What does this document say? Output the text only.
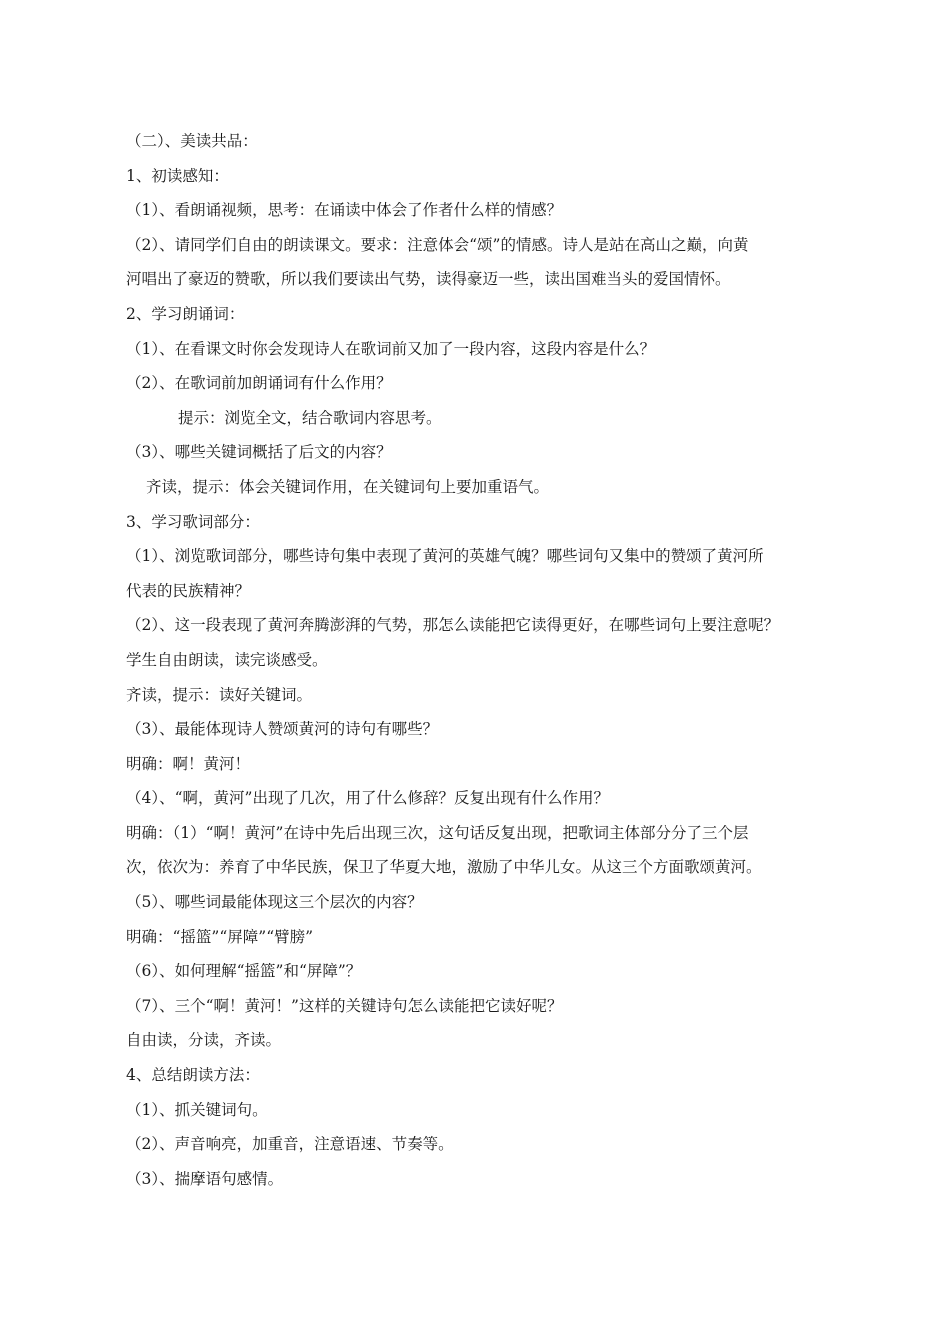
（二）、美读共品：
1、初读感知：
（1）、看朗诵视频，思考：在诵读中体会了作者什么样的情感？
（2）、请同学们自由的朗读课文。要求：注意体会“颂”的情感。诗人是站在高山之巅，向黄
河唱出了豪迈的赞歌，所以我们要读出气势，读得豪迈一些，读出国难当头的爱国情怀。
2、学习朗诵词：
（1）、在看课文时你会发现诗人在歌词前又加了一段内容，这段内容是什么？
（2）、在歌词前加朗诵词有什么作用？
提示：浏览全文，结合歌词内容思考。
（3）、哪些关键词概括了后文的内容？
齐读，提示：体会关键词作用，在关键词句上要加重语气。
3、学习歌词部分：
（1）、浏览歌词部分，哪些诗句集中表现了黄河的英雄气魄？哪些词句又集中的赞颂了黄河所
代表的民族精神？
（2）、这一段表现了黄河奔腾澎湃的气势，那怎么读能把它读得更好，在哪些词句上要注意呢？
学生自由朗读，读完谈感受。
齐读，提示：读好关键词。
（3）、最能体现诗人赞颂黄河的诗句有哪些？
明确：啊！黄河！
（4）、“啊，黄河”出现了几次，用了什么修辞？反复出现有什么作用？
明确：（1）“啊！黄河”在诗中先后出现三次，这句话反复出现，把歌词主体部分分了三个层
次，依次为：养育了中华民族，保卫了华夏大地，激励了中华儿女。从这三个方面歌颂黄河。
（5）、哪些词最能体现这三个层次的内容？
明确：“摇篮”“屏障”“臂膀”
（6）、如何理解“摇篮”和“屏障”？
（7）、三个“啊！黄河！”这样的关键诗句怎么读能把它读好呢？
自由读，分读，齐读。
4、总结朗读方法：
（1）、抓关键词句。
（2）、声音响亮，加重音，注意语速、节奏等。
（3）、揣摩语句感情。
